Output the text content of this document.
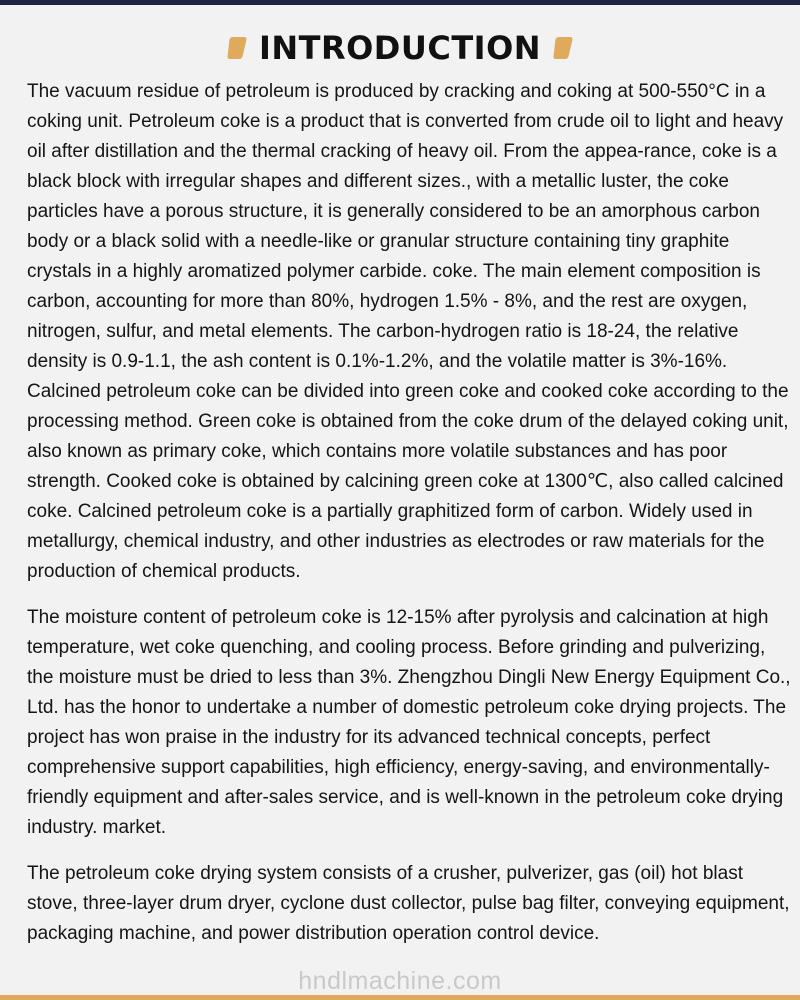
INTRODUCTION

The vacuum residue of petroleum is produced by cracking and coking at 500-550°C in a coking unit. Petroleum coke is a product that is converted from crude oil to light and heavy oil after distillation and the thermal cracking of heavy oil. From the appea-rance, coke is a black block with irregular shapes and different sizes., with a metallic luster, the coke particles have a porous structure, it is generally considered to be an amorphous carbon body or a black solid with a needle-like or granular structure containing tiny graphite crystals in a highly aromatized polymer carbide. coke. The main element composition is carbon, accounting for more than 80%, hydrogen 1.5% - 8%, and the rest are oxygen, nitrogen, sulfur, and metal elements. The carbon-hydrogen ratio is 18-24, the relative density is 0.9-1.1, the ash content is 0.1%-1.2%, and the volatile matter is 3%-16%. Calcined petroleum coke can be divided into green coke and cooked coke according to the processing method. Green coke is obtained from the coke drum of the delayed coking unit, also known as primary coke, which contains more volatile substances and has poor strength. Cooked coke is obtained by calcining green coke at 1300℃, also called calcined coke. Calcined petroleum coke is a partially graphitized form of carbon. Widely used in metallurgy, chemical industry, and other industries as electrodes or raw materials for the production of chemical products.

The moisture content of petroleum coke is 12-15% after pyrolysis and calcination at high temperature, wet coke quenching, and cooling process. Before grinding and pulverizing, the moisture must be dried to less than 3%. Zhengzhou Dingli New Energy Equipment Co., Ltd. has the honor to undertake a number of domestic petroleum coke drying projects. The project has won praise in the industry for its advanced technical concepts, perfect comprehensive support capabilities, high efficiency, energy-saving, and environmentally-friendly equipment and after-sales service, and is well-known in the petroleum coke drying industry. market.

The petroleum coke drying system consists of a crusher, pulverizer, gas (oil) hot blast stove, three-layer drum dryer, cyclone dust collector, pulse bag filter, conveying equipment, packaging machine, and power distribution operation control device.

hndlmachine.com
